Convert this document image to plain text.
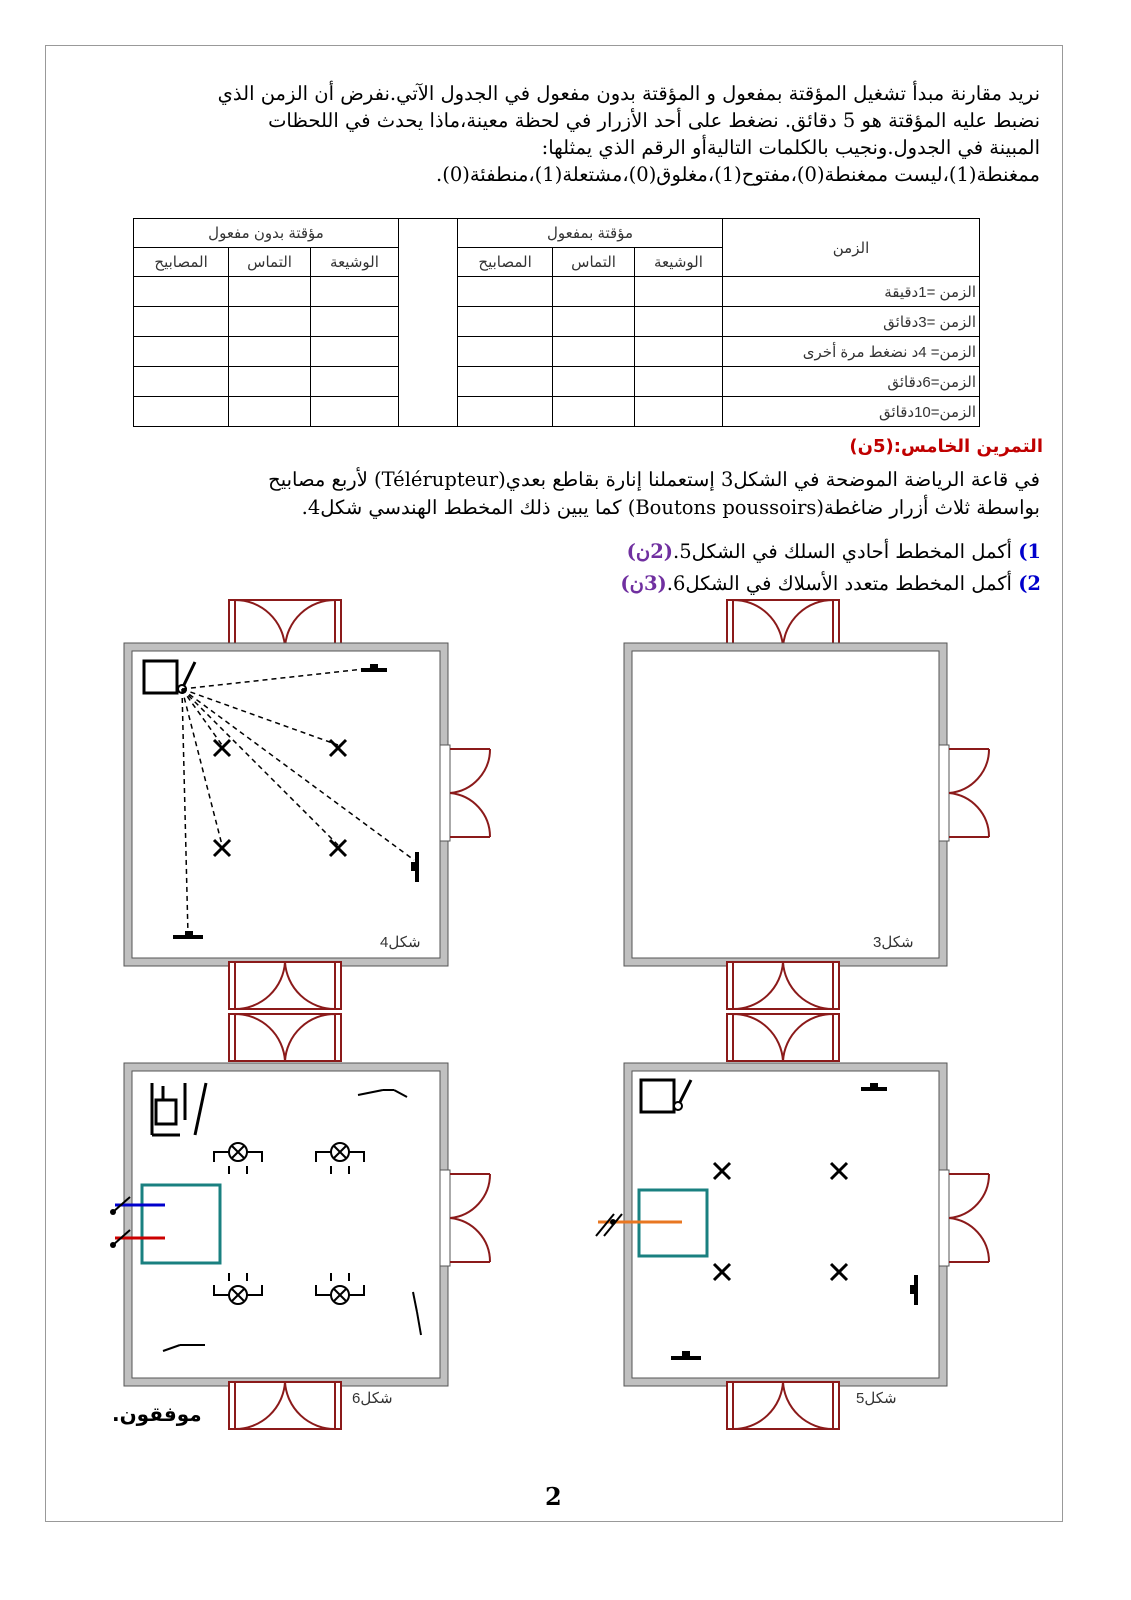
نريد مقارنة مبدأ تشغيل المؤقتة بمفعول و المؤقتة بدون مفعول في الجدول الآتي.نفرض أن الزمن الذي

نضبط عليه المؤقتة هو 5 دقائق. نضغط على أحد الأزرار في لحظة معينة،ماذا يحدث في اللحظات

المبينة في الجدول.ونجيب بالكلمات التاليةأو الرقم الذي يمثلها:

ممغنطة(1)،ليست ممغنطة(0)،مفتوح(1)،مغلوق(0)،مشتعلة(1)،منطفئة(0).

الزمن	مؤقتة بمفعول				مؤقتة بدون مفعول		
	الوشيعة	التماس	المصابيح		الوشيعة	التماس	المصابيح
الزمن =1دقيقة							
الزمن =3دقائق							
الزمن= 4د نضغط مرة أخرى							
الزمن=6دقائق							
الزمن=10دقائق							
التمرين الخامس:(5ن)

في قاعة الرياضة الموضحة في الشكل3 إستعملنا إنارة بقاطع بعدي(Télérupteur) لأربع مصابيح

بواسطة ثلاث أزرار ضاغطة(Boutons poussoirs) كما يبين ذلك المخطط الهندسي شكل4.

1) أكمل المخطط أحادي السلك في الشكل5.(2ن)
2) أكمل المخطط متعدد الأسلاك في الشكل6.(3ن)
شكل4	شكل3
شكل6	شكل5
موفقون.
2
